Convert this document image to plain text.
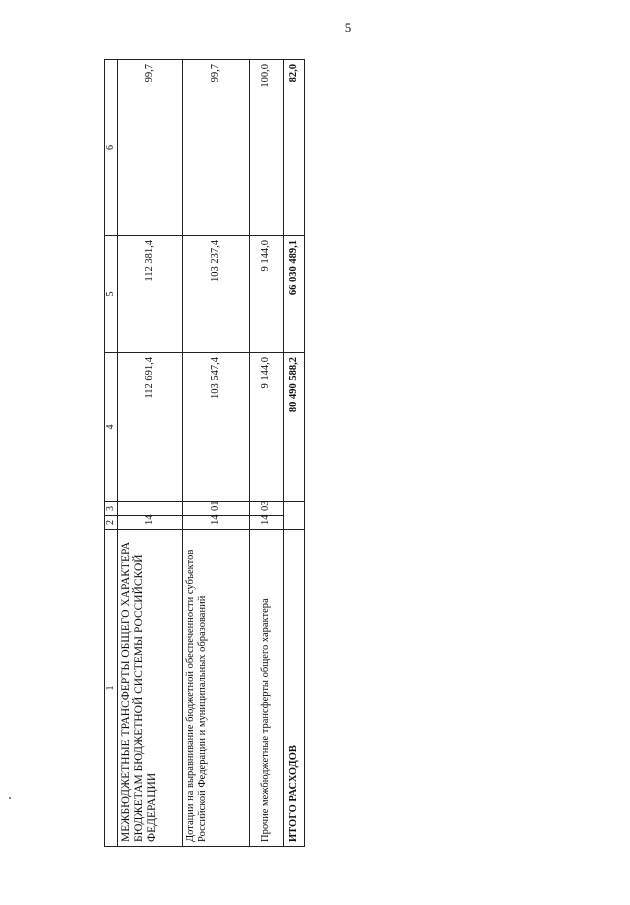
5
1	2	3	4	5	6
МЕЖБЮДЖЕТНЫЕ ТРАНСФЕРТЫ ОБЩЕГО ХАРАКТЕРА БЮДЖЕТАМ БЮДЖЕТНОЙ СИСТЕМЫ РОССИЙСКОЙ ФЕДЕРАЦИИ	14		112 691,4	112 381,4	99,7
Дотации на выравнивание бюджетной обеспеченности субъектов Российской Федерации и муниципальных образований	14	01	103 547,4	103 237,4	99,7
Прочие межбюджетные трансферты общего характера	14	03	9 144,0	9 144,0	100,0
ИТОГО РАСХОДОВ			80 490 588,2	66 030 489,1	82,0
